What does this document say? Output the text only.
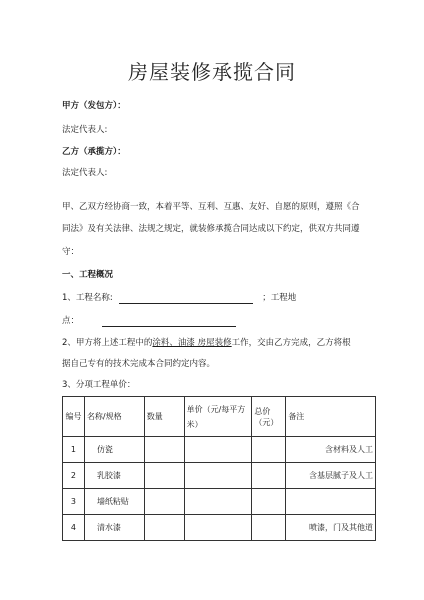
房屋装修承揽合同
甲方（发包方）：
法定代表人:
乙方（承揽方）：
法定代表人:
甲、乙双方经协商一致，本着平等、互利、互惠、友好、自愿的原则，遵照《合
同法》及有关法律、法规之规定，就装修承揽合同达成以下约定，供双方共同遵
守：
一、工程概况
1、工程名称:	；工程地
点：
2、甲方将上述工程中的涂料、油漆 房屋装修工作，交由乙方完成，乙方将根
据自己专有的技术完成本合同约定内容。
3、分项工程单价：
编号	名称/规格	数量	单价（元/每平方
米）	总价（元）	备注
1	仿瓷				含材料及人工
2	乳胶漆				含基层腻子及人工
3	墙纸粘贴				
4	清水漆				喷漆，门及其他道
